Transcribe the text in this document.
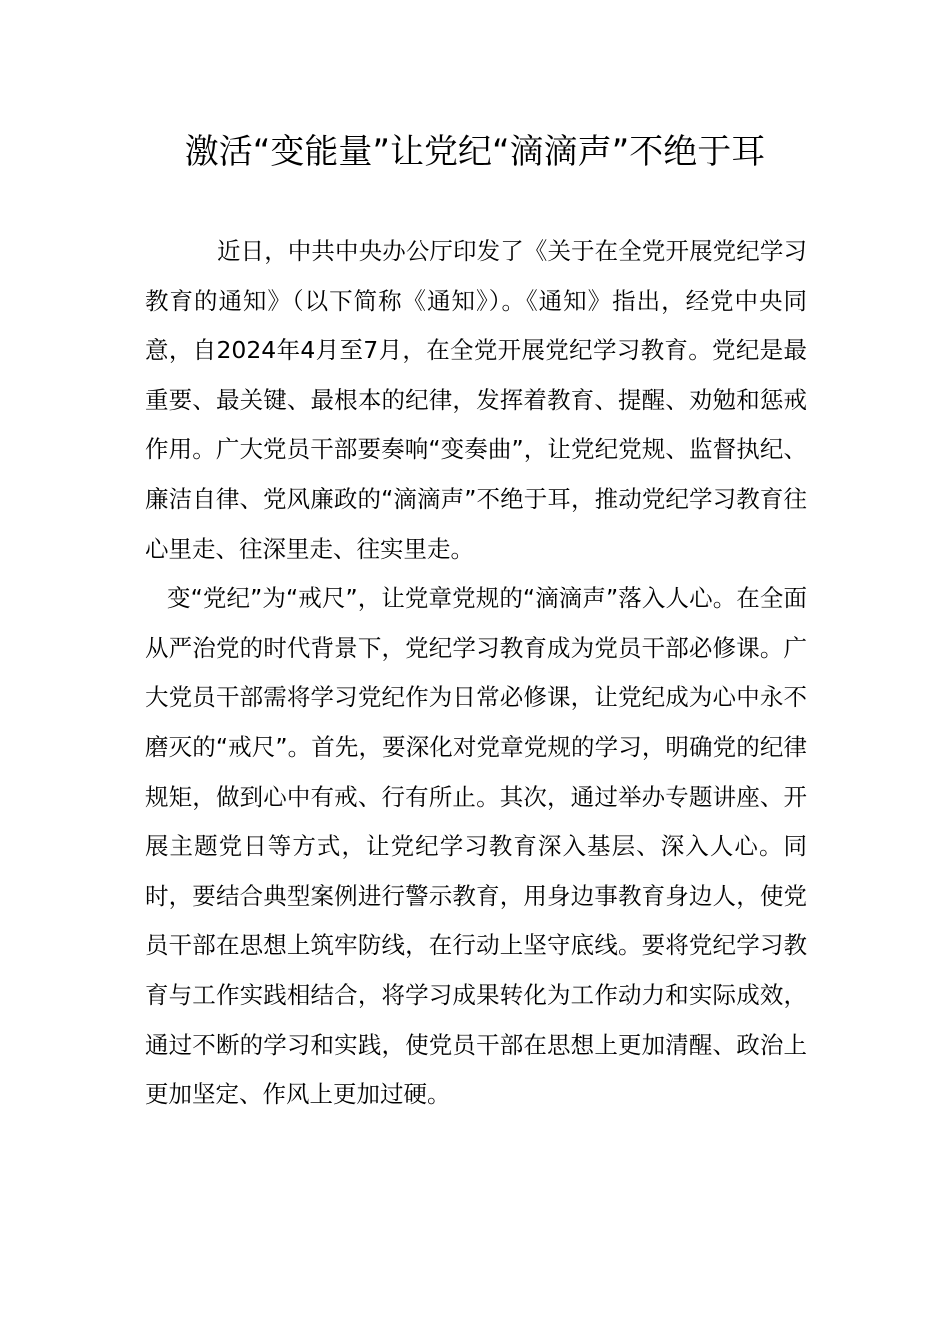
激活“变能量”让党纪“滴滴声”不绝于耳

近日，中共中央办公厅印发了《关于在全党开展党纪学习教育的通知》（以下简称《通知》）。《通知》指出，经党中央同意，自2024年4月至7月，在全党开展党纪学习教育。党纪是最重要、最关键、最根本的纪律，发挥着教育、提醒、劝勉和惩戒作用。广大党员干部要奏响“变奏曲”，让党纪党规、监督执纪、廉洁自律、党风廉政的“滴滴声”不绝于耳，推动党纪学习教育往心里走、往深里走、往实里走。

变“党纪”为“戒尺”，让党章党规的“滴滴声”落入人心。在全面从严治党的时代背景下，党纪学习教育成为党员干部必修课。广大党员干部需将学习党纪作为日常必修课，让党纪成为心中永不磨灭的“戒尺”。首先，要深化对党章党规的学习，明确党的纪律规矩，做到心中有戒、行有所止。其次，通过举办专题讲座、开展主题党日等方式，让党纪学习教育深入基层、深入人心。同时，要结合典型案例进行警示教育，用身边事教育身边人，使党员干部在思想上筑牢防线，在行动上坚守底线。要将党纪学习教育与工作实践相结合，将学习成果转化为工作动力和实际成效，通过不断的学习和实践，使党员干部在思想上更加清醒、政治上更加坚定、作风上更加过硬。
